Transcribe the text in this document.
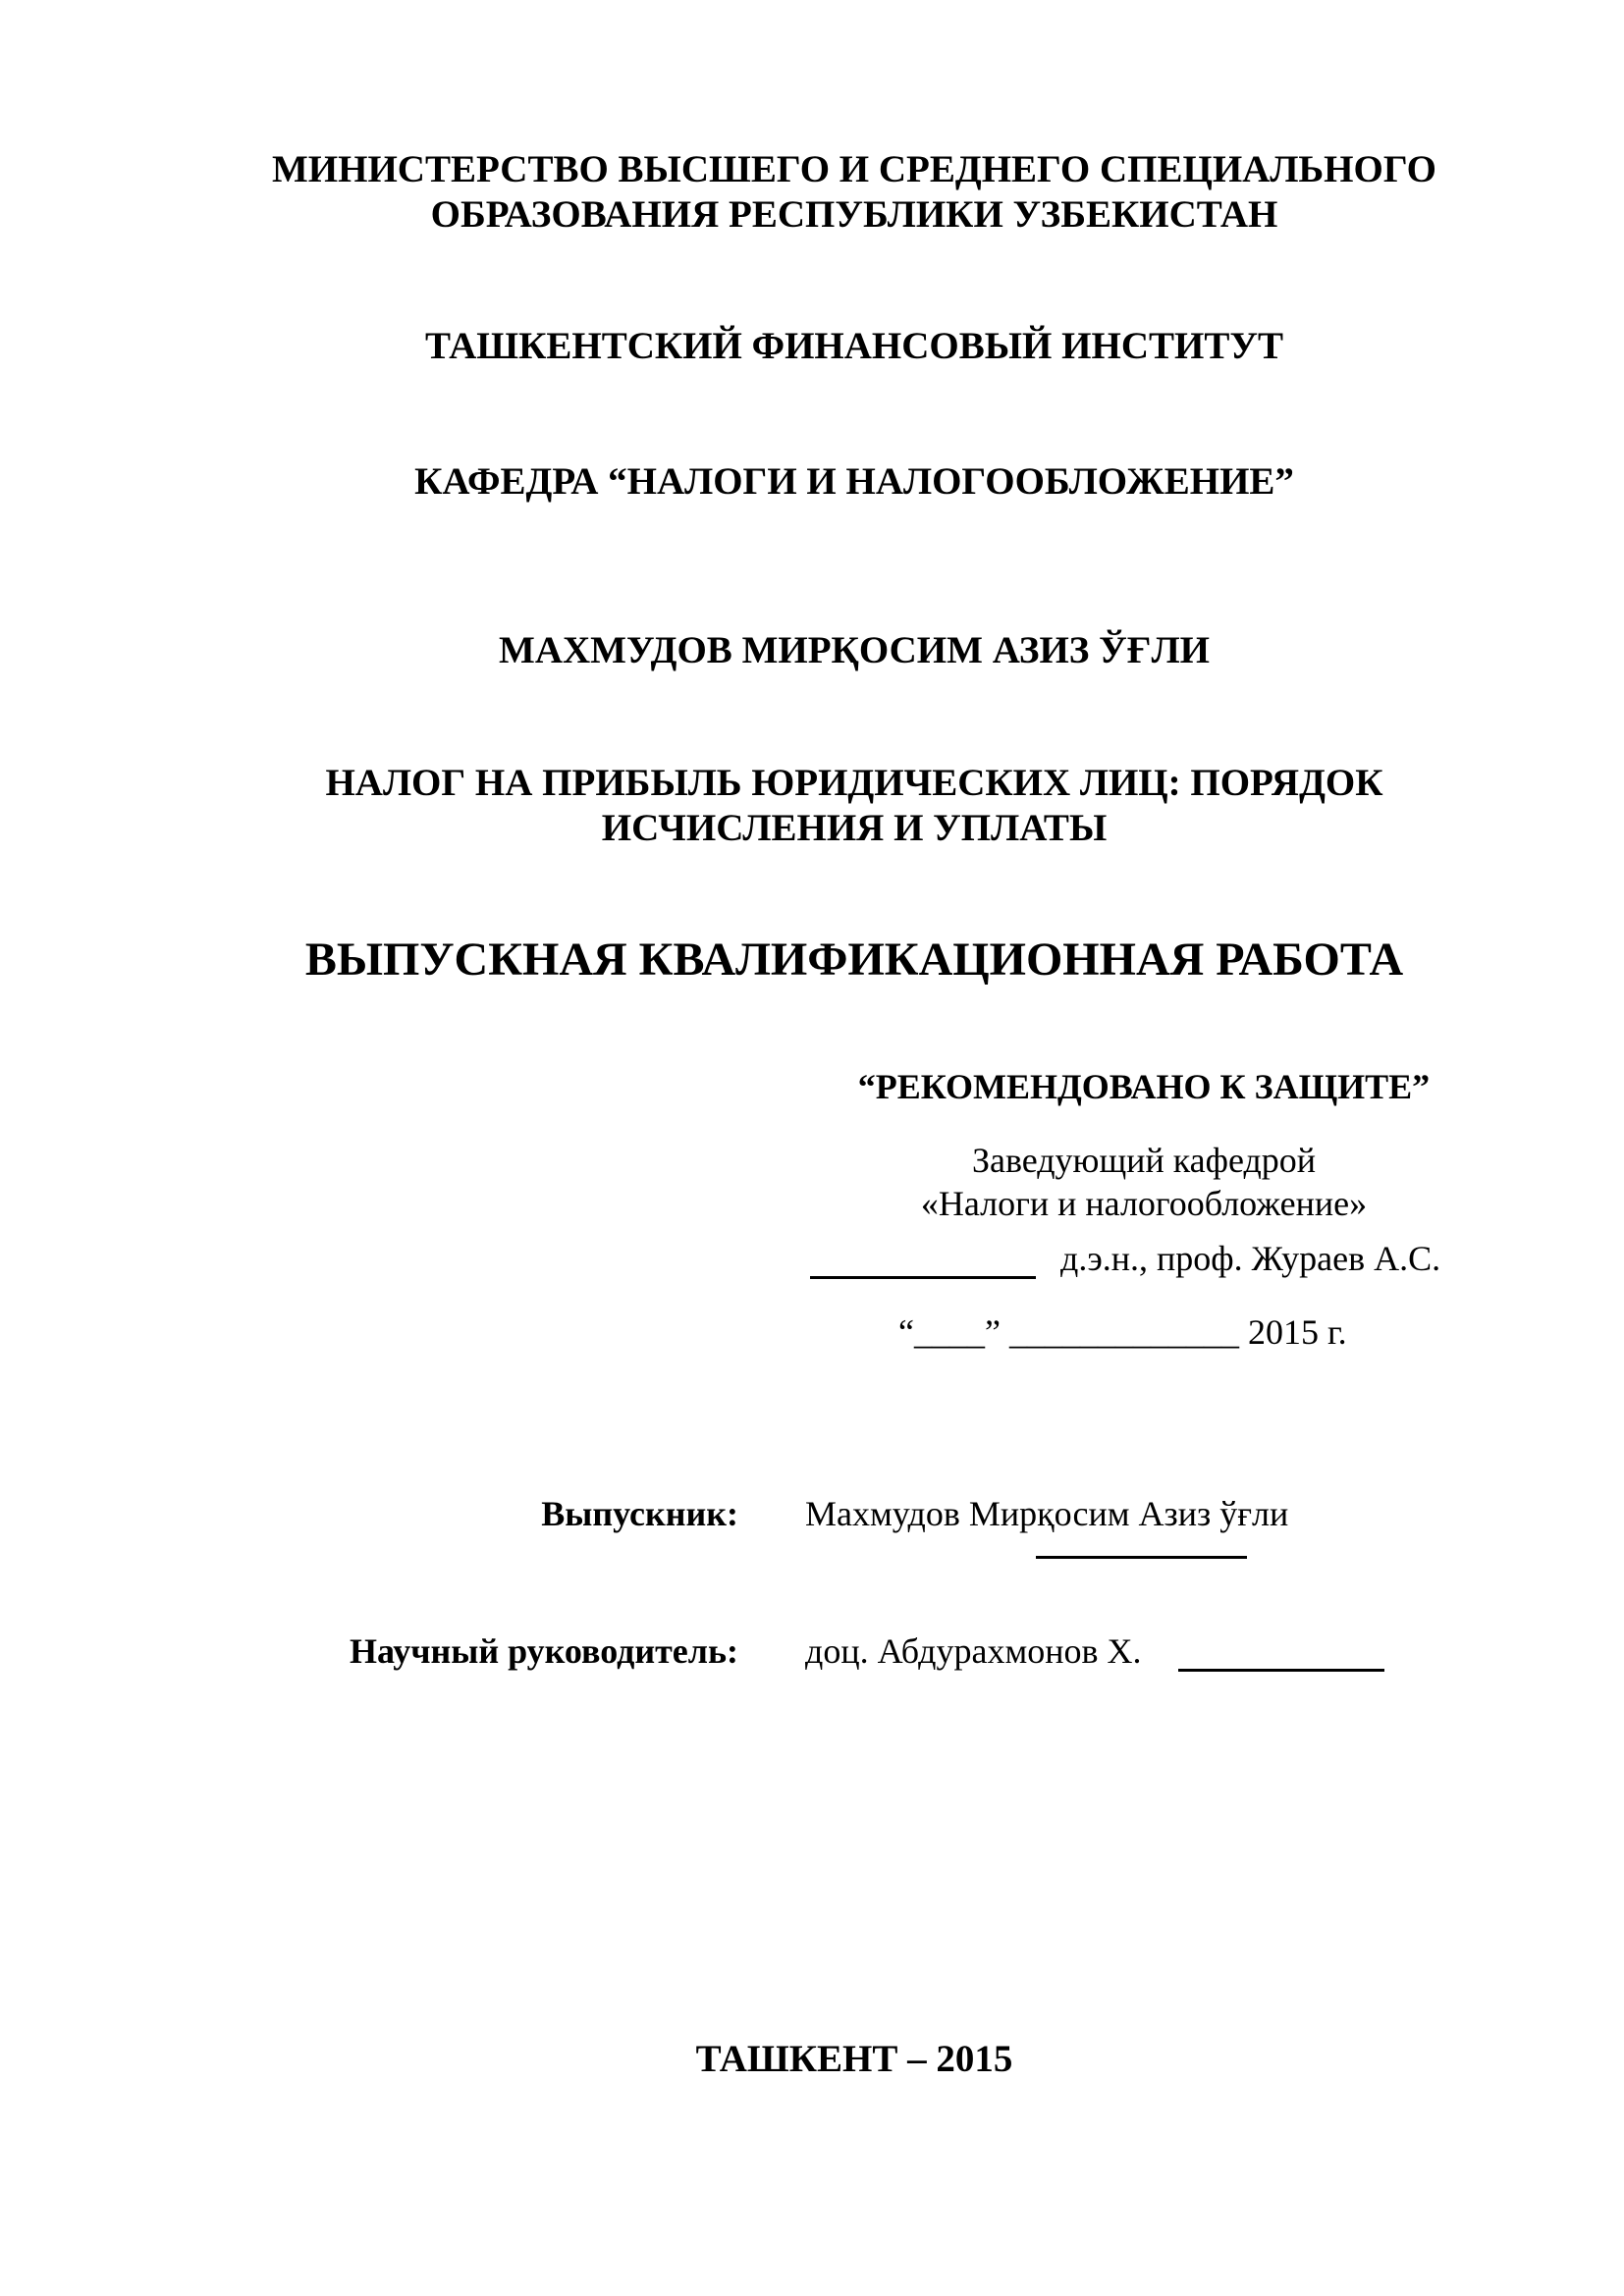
МИНИСТЕРСТВО ВЫСШЕГО И СРЕДНЕГО СПЕЦИАЛЬНОГО
ОБРАЗОВАНИЯ РЕСПУБЛИКИ УЗБЕКИСТАН
ТАШКЕНТСКИЙ ФИНАНСОВЫЙ ИНСТИТУТ
КАФЕДРА “НАЛОГИ И НАЛОГООБЛОЖЕНИЕ”
МАХМУДОВ МИРҚОСИМ АЗИЗ ЎҒЛИ
НАЛОГ НА ПРИБЫЛЬ ЮРИДИЧЕСКИХ ЛИЦ: ПОРЯДОК
ИСЧИСЛЕНИЯ И УПЛАТЫ
ВЫПУСКНАЯ КВАЛИФИКАЦИОННАЯ РАБОТА
“РЕКОМЕНДОВАНО К ЗАЩИТЕ”
Заведующий кафедрой
«Налоги и налогообложение»
д.э.н., проф. Жураев А.С.
“____” _____________ 2015 г.
Выпускник: Махмудов Мирқосим Азиз ўғли
Научный руководитель: доц. Абдурахмонов Х.
ТАШКЕНТ – 2015
